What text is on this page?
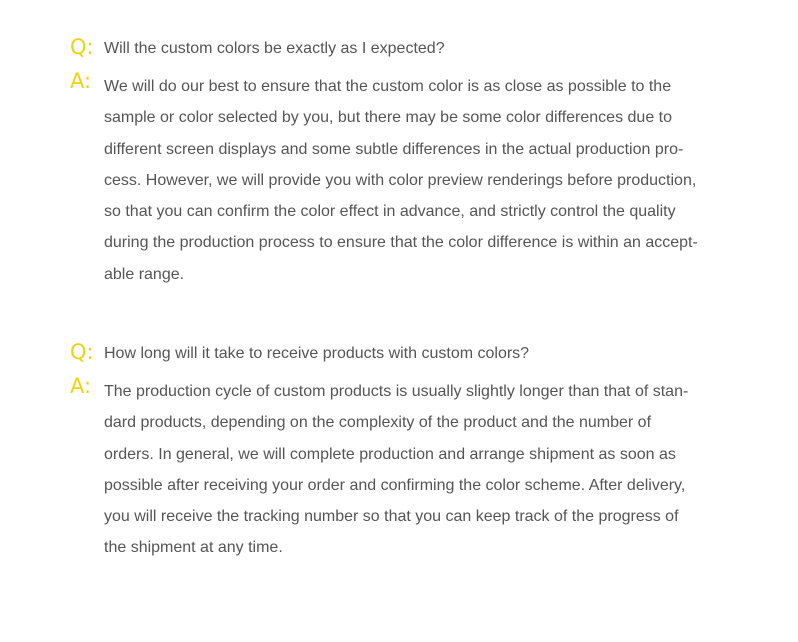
Q: Will the custom colors be exactly as I expected?
A: We will do our best to ensure that the custom color is as close as possible to the
sample or color selected by you, but there may be some color differences due to
different screen displays and some subtle differences in the actual production pro-
cess. However, we will provide you with color preview renderings before production,
so that you can confirm the color effect in advance, and strictly control the quality
during the production process to ensure that the color difference is within an accept-
able range.
Q: How long will it take to receive products with custom colors?
A: The production cycle of custom products is usually slightly longer than that of stan-
dard products, depending on the complexity of the product and the number of
orders. In general, we will complete production and arrange shipment as soon as
possible after receiving your order and confirming the color scheme. After delivery,
you will receive the tracking number so that you can keep track of the progress of
the shipment at any time.
